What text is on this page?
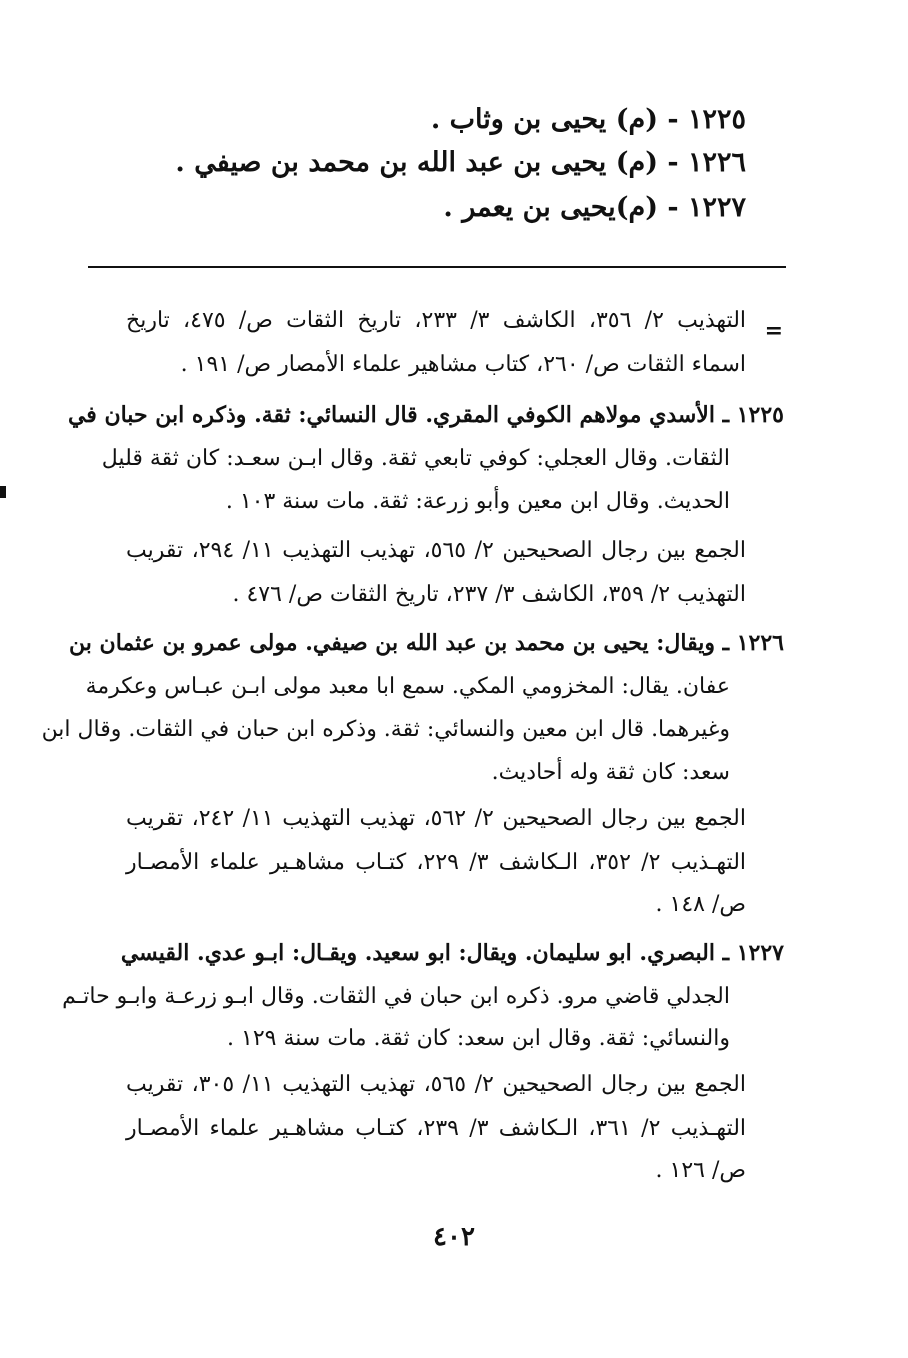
١٢٢٥ - (م) يحيى بن وثاب .
١٢٢٦ - (م) يحيى بن عبد الله بن محمد بن صيفي .
١٢٢٧ - (م)يحيى بن يعمر .
=
التهذيب ٢/ ٣٥٦، الكاشف ٣/ ٢٣٣، تاريخ الثقات ص/ ٤٧٥، تاريخ
اسماء الثقات ص/ ٢٦٠، كتاب مشاهير علماء الأمصار ص/ ١٩١ .
١٢٢٥ ـ الأسدي مولاهم الكوفي المقري. قال النسائي: ثقة. وذكره ابن حبان في
الثقات. وقال العجلي: كوفي تابعي ثقة. وقال ابـن سعـد: كان ثقة قليل
الحديث. وقال ابن معين وأبو زرعة: ثقة. مات سنة ١٠٣ .
الجمع بين رجال الصحيحين ٢/ ٥٦٥، تهذيب التهذيب ١١/ ٢٩٤، تقريب
التهذيب ٢/ ٣٥٩، الكاشف ٣/ ٢٣٧، تاريخ الثقات ص/ ٤٧٦ .
١٢٢٦ ـ ويقال: يحيى بن محمد بن عبد الله بن صيفي. مولى عمرو بن عثمان بن
عفان. يقال: المخزومي المكي. سمع ابا معبد مولى ابـن عبـاس وعكرمة
وغيرهما. قال ابن معين والنسائي: ثقة. وذكره ابن حبان في الثقات. وقال ابن
سعد: كان ثقة وله أحاديث.
الجمع بين رجال الصحيحين ٢/ ٥٦٢، تهذيب التهذيب ١١/ ٢٤٢، تقريب
التهـذيب ٢/ ٣٥٢، الـكاشف ٣/ ٢٢٩، كتـاب مشاهـير علماء الأمصـار
ص/ ١٤٨ .
١٢٢٧ ـ البصري. ابو سليمان. ويقال: ابو سعيد. ويقـال: ابـو عدي. القيسي
الجدلي قاضي مرو. ذكره ابن حبان في الثقات. وقال ابـو زرعـة وابـو حاتـم
والنسائي: ثقة. وقال ابن سعد: كان ثقة. مات سنة ١٢٩ .
الجمع بين رجال الصحيحين ٢/ ٥٦٥، تهذيب التهذيب ١١/ ٣٠٥، تقريب
التهـذيب ٢/ ٣٦١، الـكاشف ٣/ ٢٣٩، كتـاب مشاهـير علماء الأمصـار
ص/ ١٢٦ .
٤٠٢
